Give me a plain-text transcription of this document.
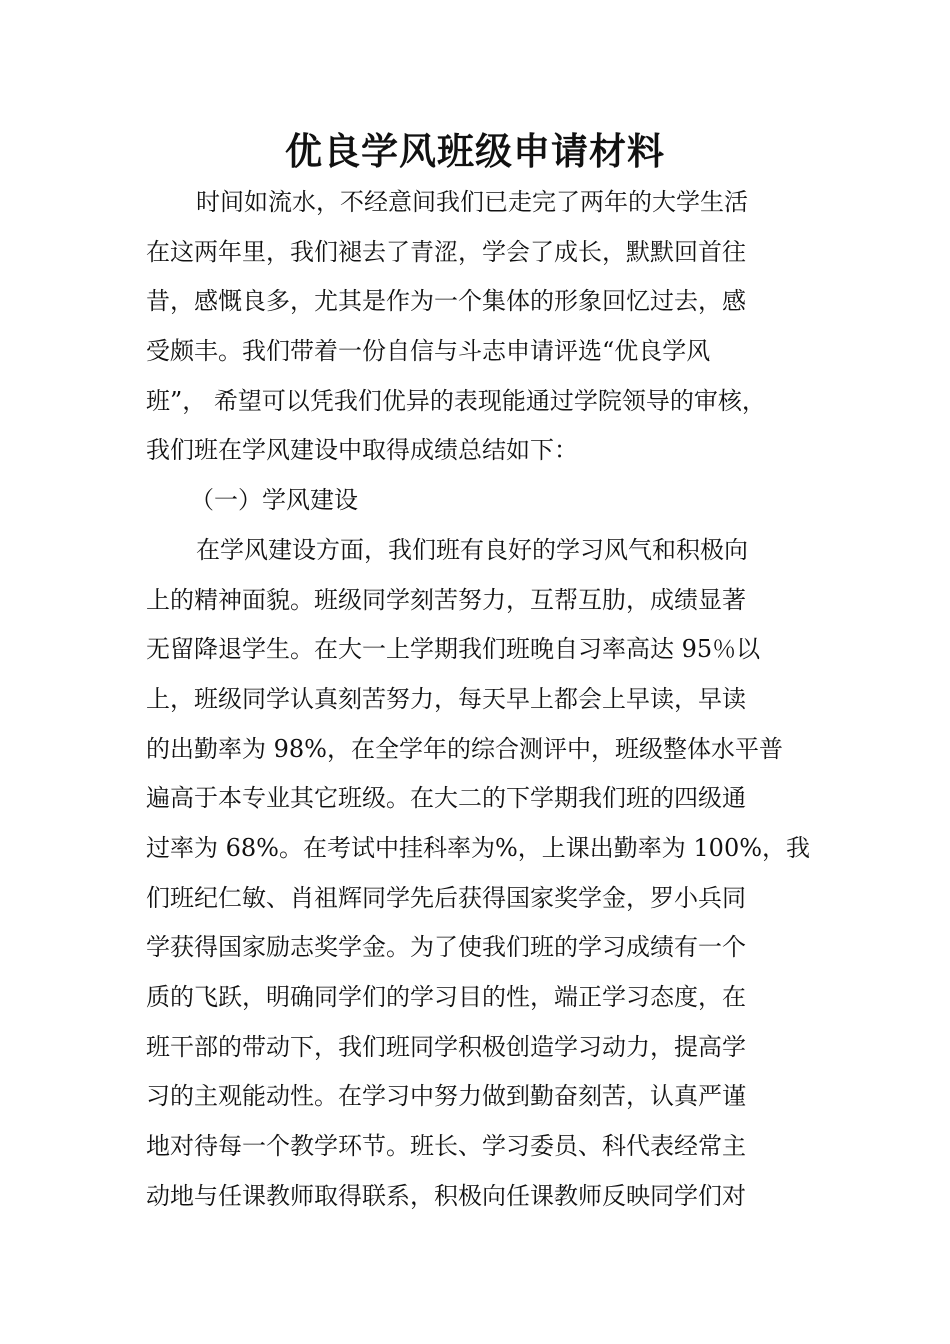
优良学风班级申请材料
时间如流水，不经意间我们已走完了两年的大学生活
在这两年里，我们褪去了青涩，学会了成长，默默回首往
昔，感慨良多，尤其是作为一个集体的形象回忆过去，感
受颇丰。我们带着一份自信与斗志申请评选“优良学风
班”， 希望可以凭我们优异的表现能通过学院领导的审核，
我们班在学风建设中取得成绩总结如下：
（一）学风建设
在学风建设方面，我们班有良好的学习风气和积极向
上的精神面貌。班级同学刻苦努力，互帮互肋，成绩显著
无留降退学生。在大一上学期我们班晚自习率高达 95％以
上，班级同学认真刻苦努力，每天早上都会上早读，早读
的出勤率为 98%，在全学年的综合测评中，班级整体水平普
遍高于本专业其它班级。在大二的下学期我们班的四级通
过率为 68%。在考试中挂科率为%，上课出勤率为 100%，我
们班纪仁敏、肖祖辉同学先后获得国家奖学金，罗小兵同
学获得国家励志奖学金。为了使我们班的学习成绩有一个
质的飞跃，明确同学们的学习目的性，端正学习态度，在
班干部的带动下，我们班同学积极创造学习动力，提高学
习的主观能动性。在学习中努力做到勤奋刻苦，认真严谨
地对待每一个教学环节。班长、学习委员、科代表经常主
动地与任课教师取得联系，积极向任课教师反映同学们对
